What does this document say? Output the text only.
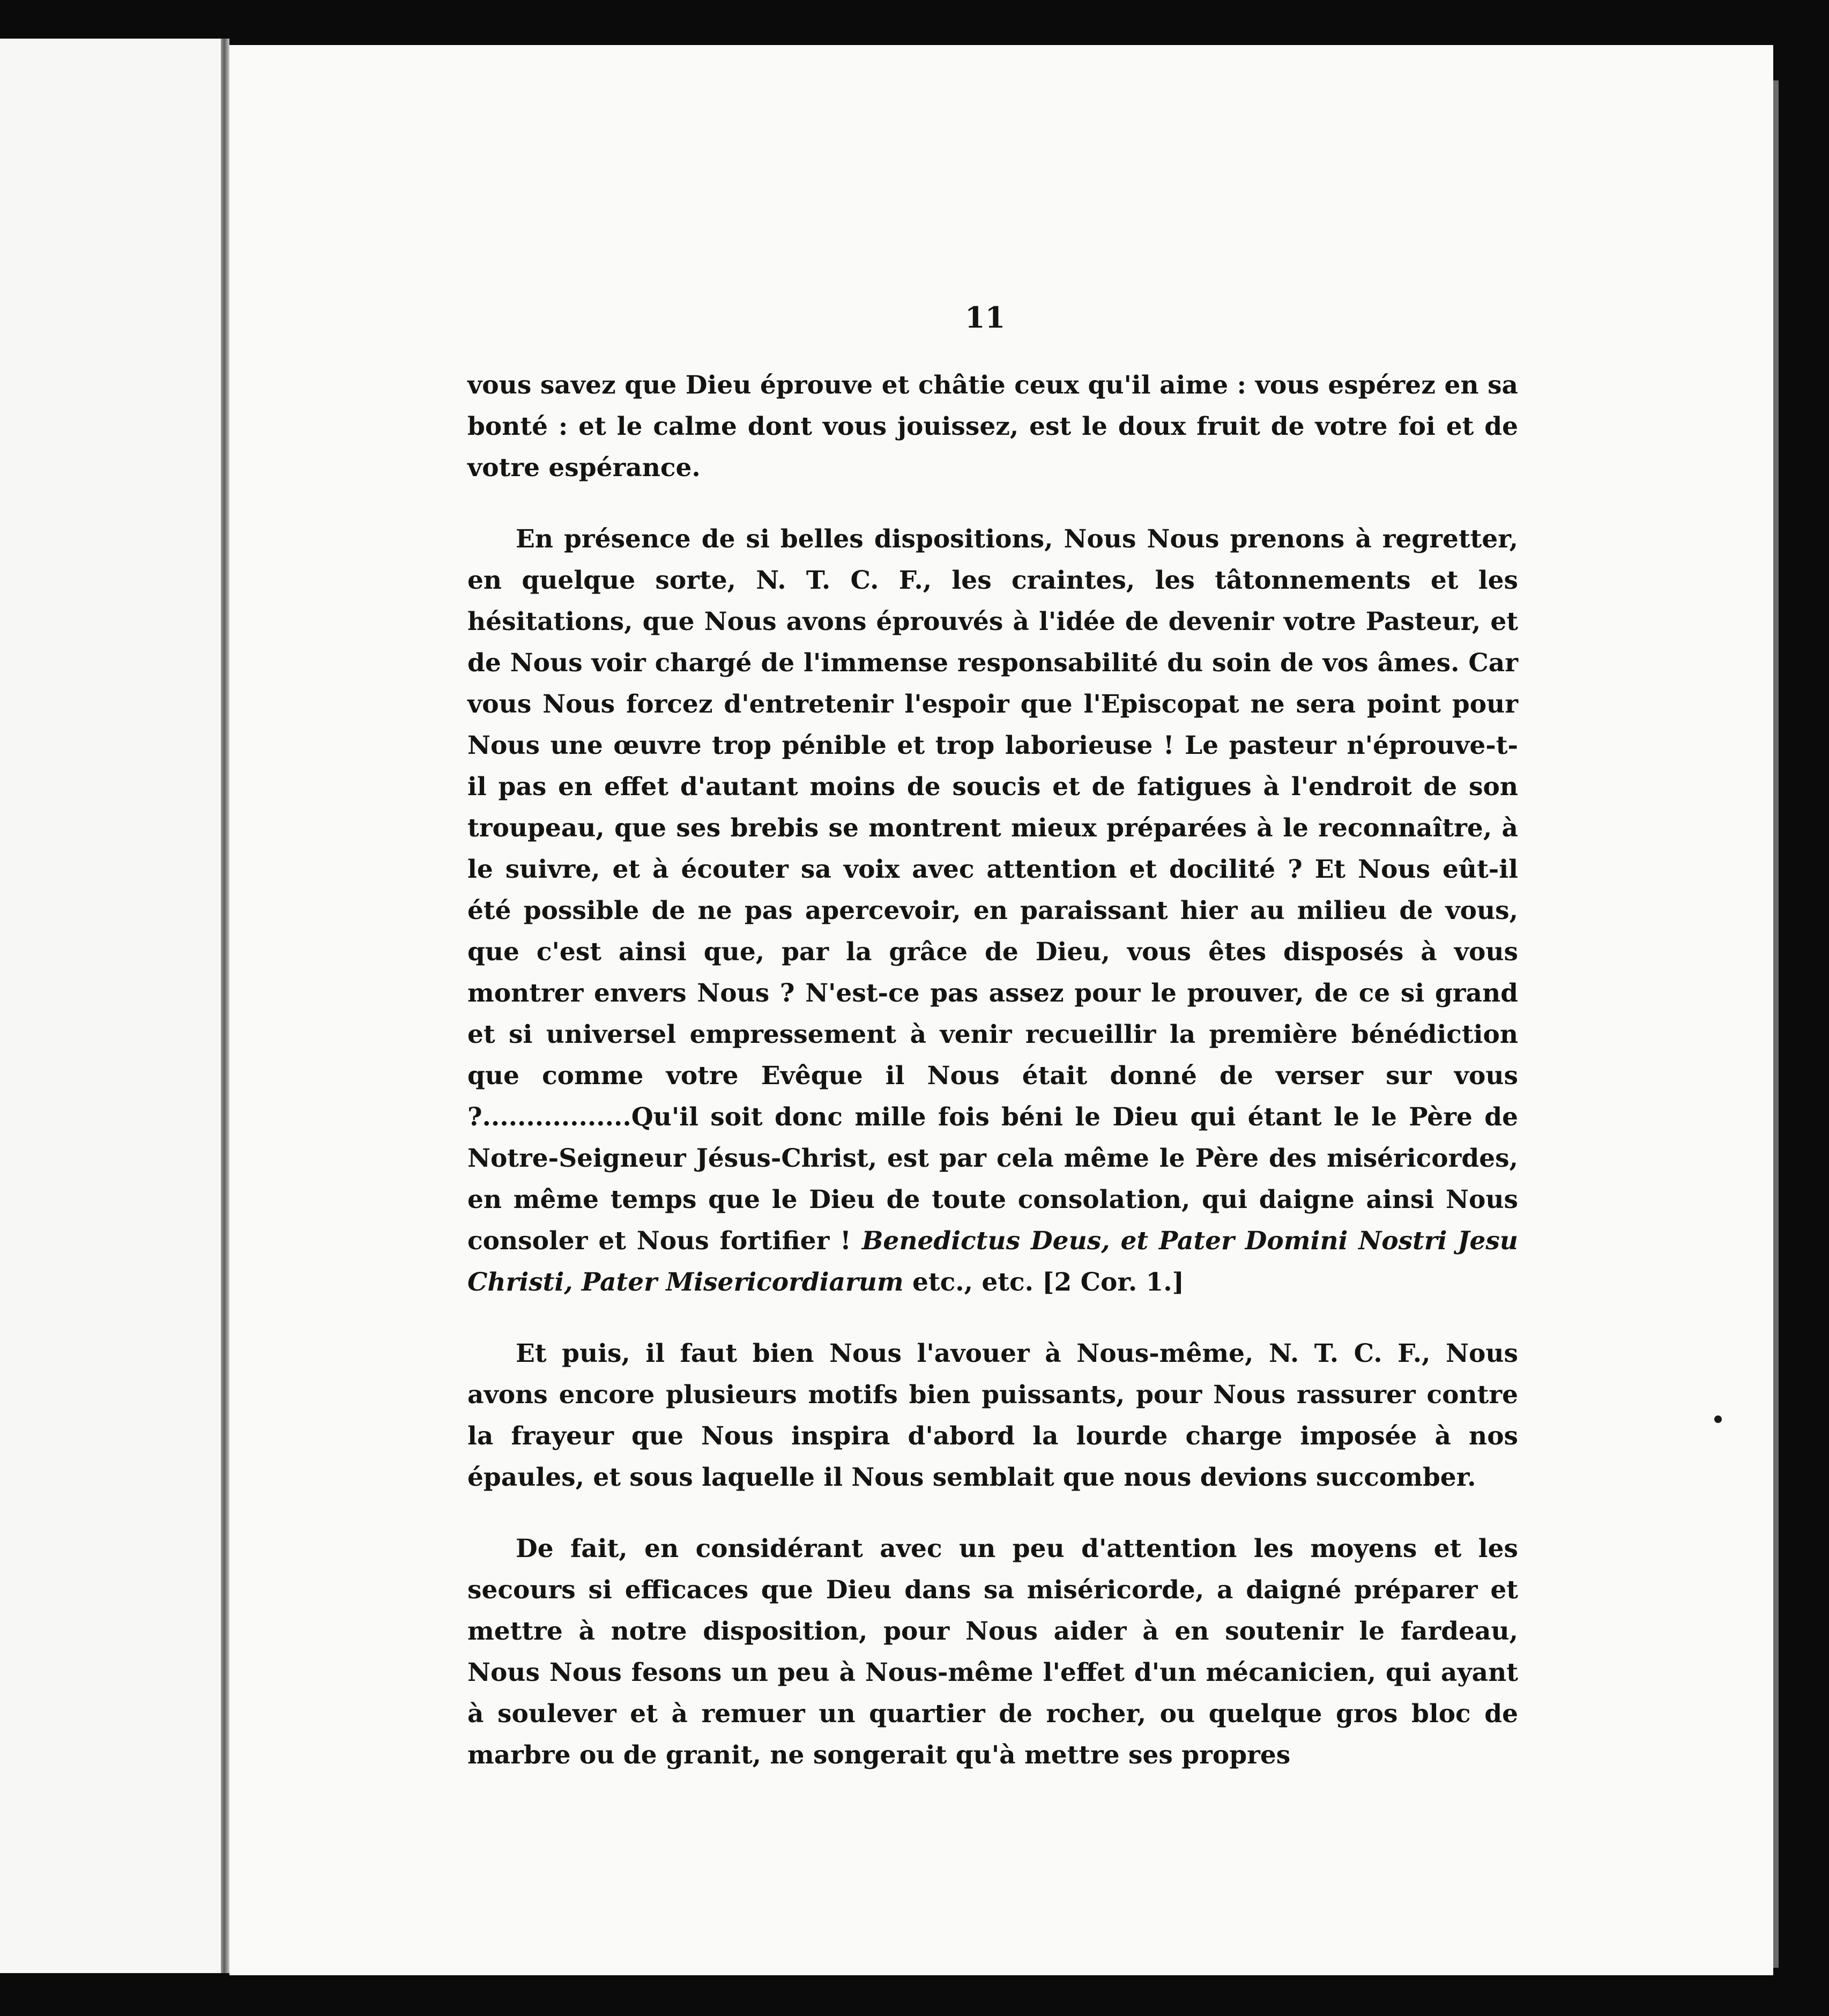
11

vous savez que Dieu éprouve et châtie ceux qu'il aime : vous espérez en sa bonté : et le calme dont vous jouissez, est le doux fruit de votre foi et de votre espérance.

En présence de si belles dispositions, Nous Nous prenons à regretter, en quelque sorte, N. T. C. F., les craintes, les tâtonnements et les hésitations, que Nous avons éprouvés à l'idée de devenir votre Pasteur, et de Nous voir chargé de l'immense responsabilité du soin de vos âmes. Car vous Nous forcez d'entretenir l'espoir que l'Episcopat ne sera point pour Nous une œuvre trop pénible et trop laborieuse ! Le pasteur n'éprouve-t-il pas en effet d'autant moins de soucis et de fatigues à l'endroit de son troupeau, que ses brebis se montrent mieux préparées à le reconnaître, à le suivre, et à écouter sa voix avec attention et docilité ? Et Nous eût-il été possible de ne pas apercevoir, en paraissant hier au milieu de vous, que c'est ainsi que, par la grâce de Dieu, vous êtes disposés à vous montrer envers Nous ? N'est-ce pas assez pour le prouver, de ce si grand et si universel empressement à venir recueillir la première bénédiction que comme votre Evêque il Nous était donné de verser sur vous ?.................Qu'il soit donc mille fois béni le Dieu qui étant le le Père de Notre-Seigneur Jésus-Christ, est par cela même le Père des miséricordes, en même temps que le Dieu de toute consolation, qui daigne ainsi Nous consoler et Nous fortifier ! Benedictus Deus, et Pater Domini Nostri Jesu Christi, Pater Misericordiarum etc., etc. [2 Cor. 1.]

Et puis, il faut bien Nous l'avouer à Nous-même, N. T. C. F., Nous avons encore plusieurs motifs bien puissants, pour Nous rassurer contre la frayeur que Nous inspira d'abord la lourde charge imposée à nos épaules, et sous laquelle il Nous semblait que nous devions succomber.

De fait, en considérant avec un peu d'attention les moyens et les secours si efficaces que Dieu dans sa miséricorde, a daigné préparer et mettre à notre disposition, pour Nous aider à en soutenir le fardeau, Nous Nous fesons un peu à Nous-même l'effet d'un mécanicien, qui ayant à soulever et à remuer un quartier de rocher, ou quelque gros bloc de marbre ou de granit, ne songerait qu'à mettre ses propres
